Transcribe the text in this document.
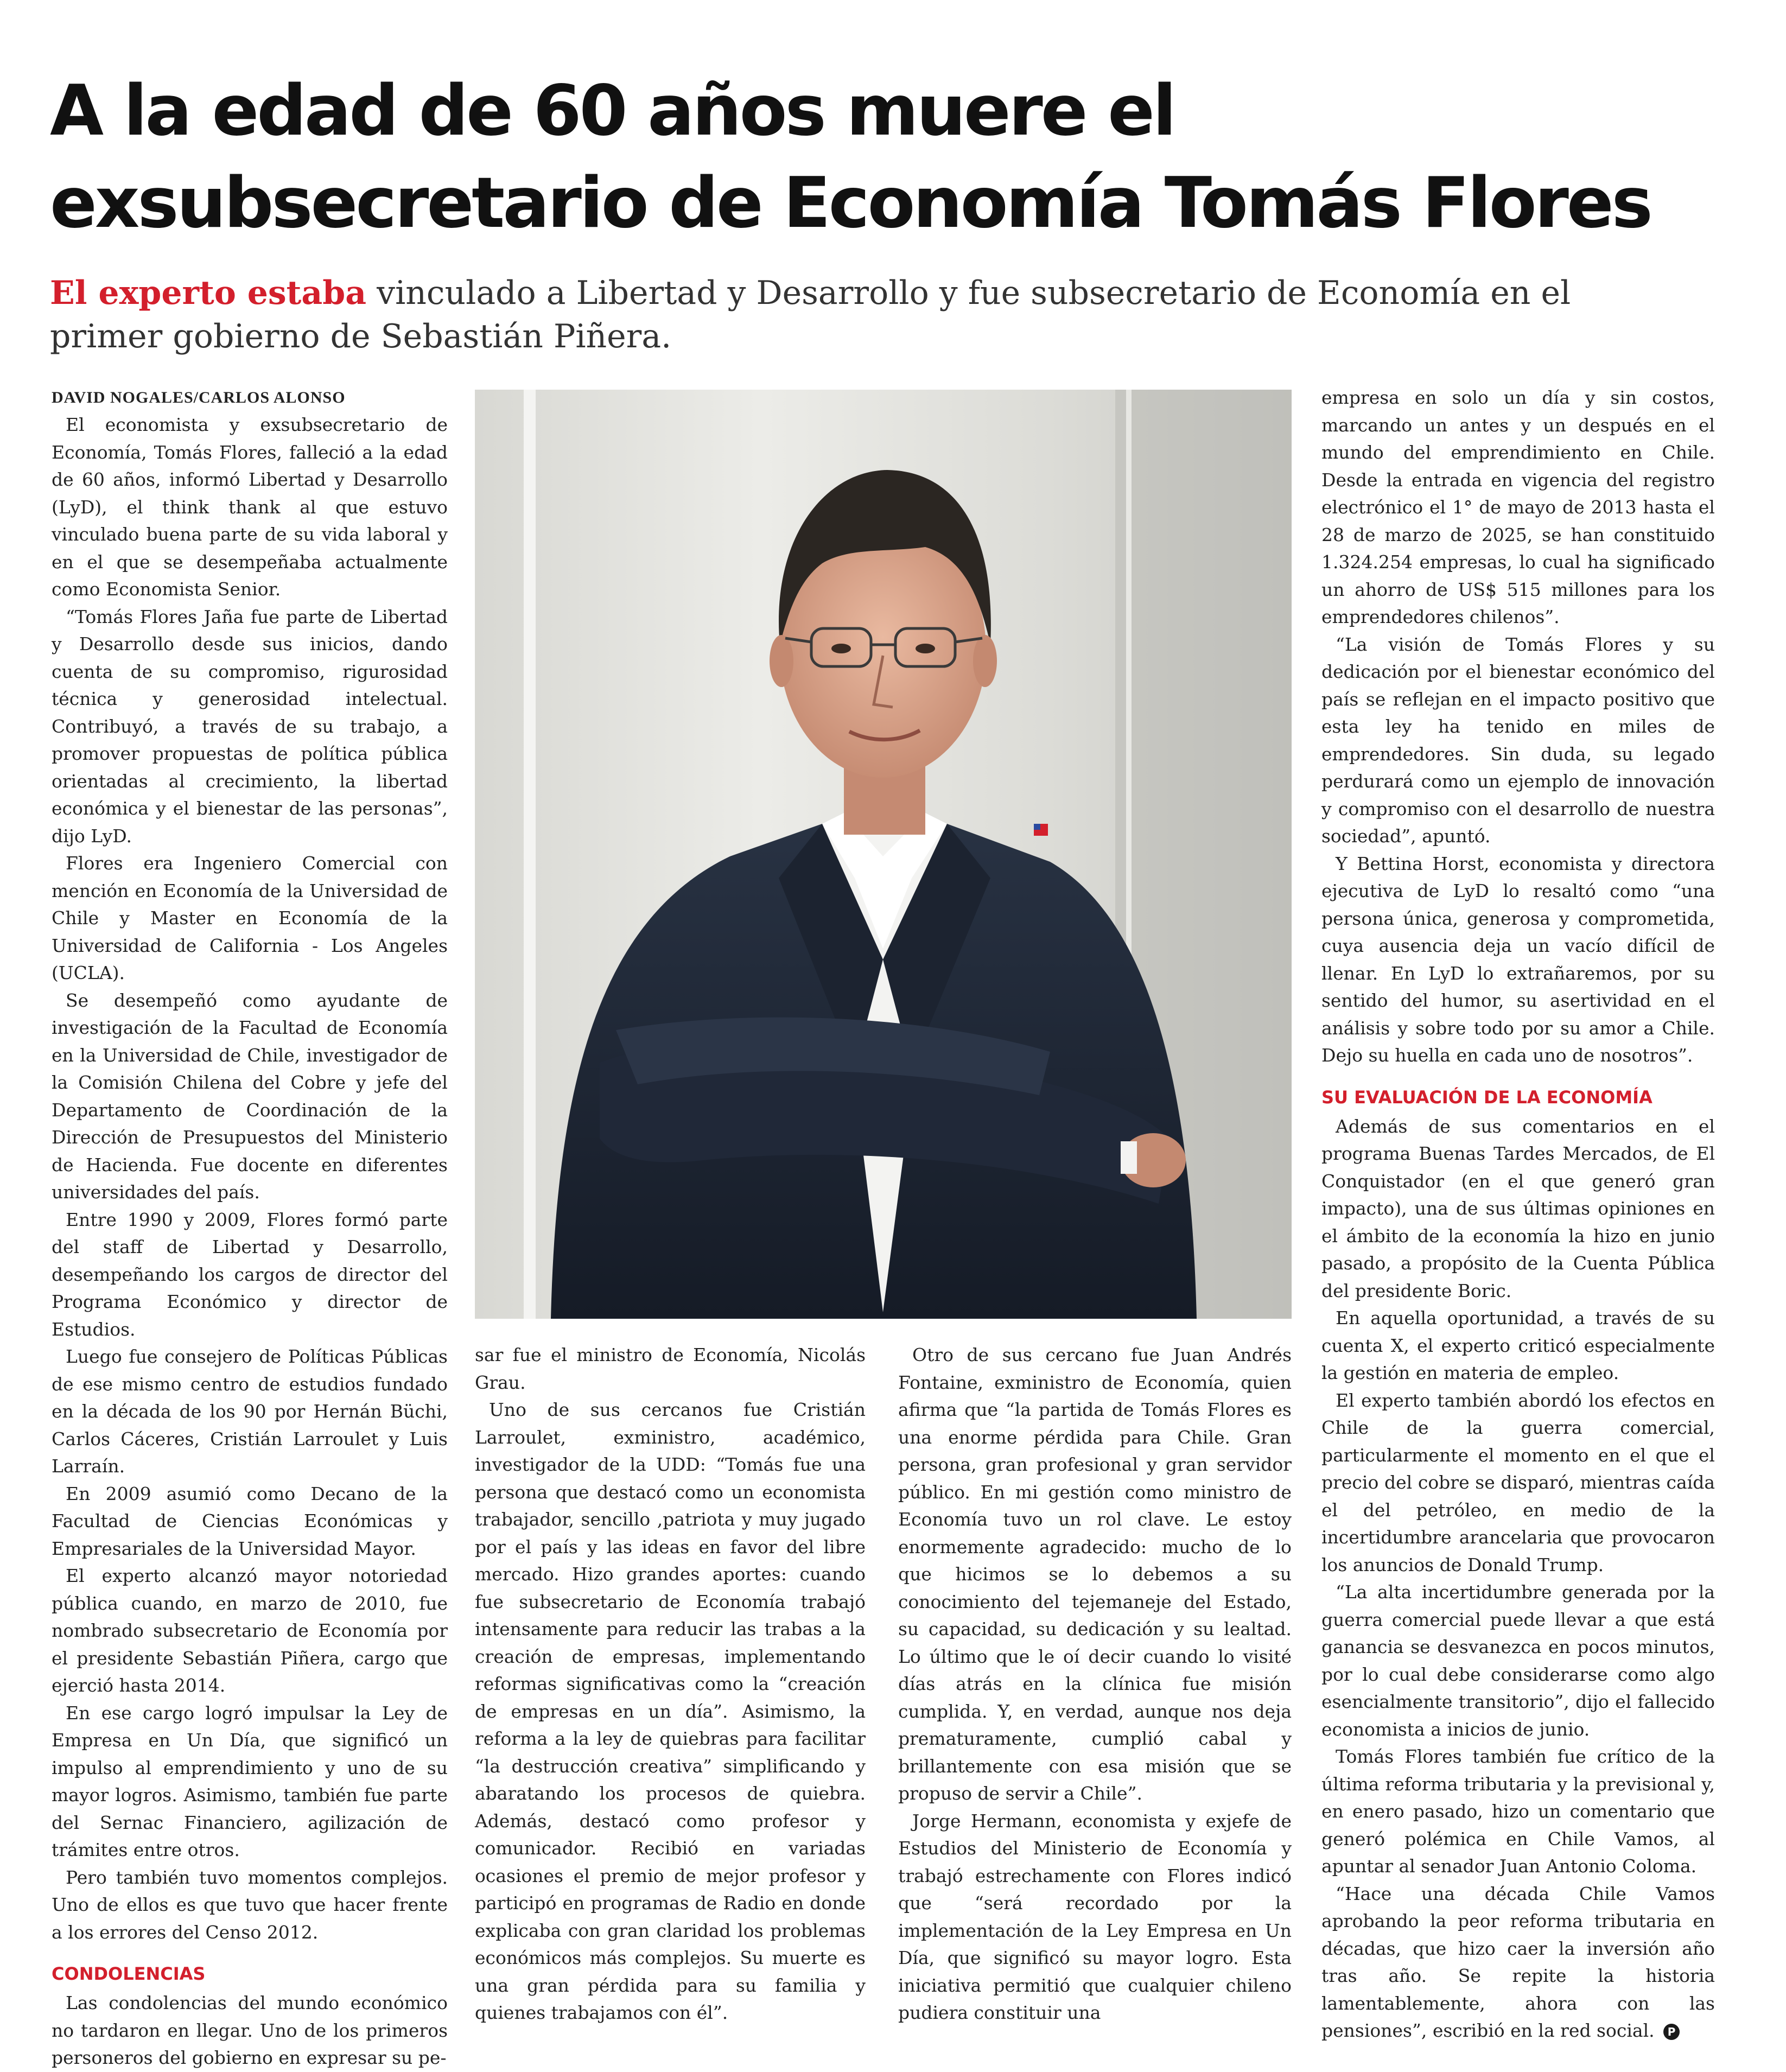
A la edad de 60 años muere el
exsubsecretario de Economía Tomás Flores

El experto estaba vinculado a Libertad y Desarrollo y fue subsecretario de Economía en el primer gobierno de Sebastián Piñera.

DAVID NOGALES/CARLOS ALONSO

El economista y exsubsecretario de Economía, Tomás Flores, falleció a la edad de 60 años, informó Libertad y Desarrollo (LyD), el think thank al que estuvo vinculado buena parte de su vida laboral y en el que se desempeñaba actualmente como Economista Senior.

“Tomás Flores Jaña fue parte de Libertad y Desarrollo desde sus inicios, dando cuenta de su compromiso, rigurosidad técnica y generosidad intelectual. Contribuyó, a través de su trabajo, a promover propuestas de política pública orientadas al crecimiento, la libertad económica y el bienestar de las personas”, dijo LyD.

Flores era Ingeniero Comercial con mención en Economía de la Universidad de Chile y Master en Economía de la Universidad de California - Los Angeles (UCLA).

Se desempeñó como ayudante de investigación de la Facultad de Economía en la Universidad de Chile, investigador de la Comisión Chilena del Cobre y jefe del Departamento de Coordinación de la Dirección de Presupuestos del Ministerio de Hacienda. Fue docente en diferentes universidades del país.

Entre 1990 y 2009, Flores formó parte del staff de Libertad y Desarrollo, desempeñando los cargos de director del Programa Económico y director de Estudios.

Luego fue consejero de Políticas Públicas de ese mismo centro de estudios fundado en la década de los 90 por Hernán Büchi, Carlos Cáceres, Cristián Larroulet y Luis Larraín.

En 2009 asumió como Decano de la Facultad de Ciencias Económicas y Empresariales de la Universidad Mayor.

El experto alcanzó mayor notoriedad pública cuando, en marzo de 2010, fue nombrado subsecretario de Economía por el presidente Sebastián Piñera, cargo que ejerció hasta 2014.

En ese cargo logró impulsar la Ley de Empresa en Un Día, que significó un impulso al emprendimiento y uno de su mayor logros. Asimismo, también fue parte del Sernac Financiero, agilización de trámites entre otros.

Pero también tuvo momentos complejos. Uno de ellos es que tuvo que hacer frente a los errores del Censo 2012.

CONDOLENCIAS

Las condolencias del mundo económico no tardaron en llegar. Uno de los primeros personeros del gobierno en expresar su pe-

sar fue el ministro de Economía, Nicolás Grau.

Uno de sus cercanos fue Cristián Larroulet, exministro, académico, investigador de la UDD: “Tomás fue una persona que destacó como un economista trabajador, sencillo ,patriota y muy jugado por el país y las ideas en favor del libre mercado. Hizo grandes aportes: cuando fue subsecretario de Economía trabajó intensamente para reducir las trabas a la creación de empresas, implementando reformas significativas como la “creación de empresas en un día”. Asimismo, la reforma a la ley de quiebras para facilitar “la destrucción creativa” simplificando y abaratando los procesos de quiebra. Además, destacó como profesor y comunicador. Recibió en variadas ocasiones el premio de mejor profesor y participó en programas de Radio en donde explicaba con gran claridad los problemas económicos más complejos. Su muerte es una gran pérdida para su familia y quienes trabajamos con él”.

Otro de sus cercano fue Juan Andrés Fontaine, exministro de Economía, quien afirma que “la partida de Tomás Flores es una enorme pérdida para Chile. Gran persona, gran profesional y gran servidor público. En mi gestión como ministro de Economía tuvo un rol clave. Le estoy enormemente agradecido: mucho de lo que hicimos se lo debemos a su conocimiento del tejemaneje del Estado, su capacidad, su dedicación y su lealtad. Lo último que le oí decir cuando lo visité días atrás en la clínica fue misión cumplida. Y, en verdad, aunque nos deja prematuramente, cumplió cabal y brillantemente con esa misión que se propuso de servir a Chile”.

Jorge Hermann, economista y exjefe de Estudios del Ministerio de Economía y trabajó estrechamente con Flores indicó que “será recordado por la implementación de la Ley Empresa en Un Día, que significó su mayor logro. Esta iniciativa permitió que cualquier chileno pudiera constituir una

empresa en solo un día y sin costos, marcando un antes y un después en el mundo del emprendimiento en Chile. Desde la entrada en vigencia del registro electrónico el 1° de mayo de 2013 hasta el 28 de marzo de 2025, se han constituido 1.324.254 empresas, lo cual ha significado un ahorro de US$ 515 millones para los emprendedores chilenos”.

“La visión de Tomás Flores y su dedicación por el bienestar económico del país se reflejan en el impacto positivo que esta ley ha tenido en miles de emprendedores. Sin duda, su legado perdurará como un ejemplo de innovación y compromiso con el desarrollo de nuestra sociedad”, apuntó.

Y Bettina Horst, economista y directora ejecutiva de LyD lo resaltó como “una persona única, generosa y comprometida, cuya ausencia deja un vacío difícil de llenar. En LyD lo extrañaremos, por su sentido del humor, su asertividad en el análisis y sobre todo por su amor a Chile. Dejo su huella en cada uno de nosotros”.

SU EVALUACIÓN DE LA ECONOMÍA

Además de sus comentarios en el programa Buenas Tardes Mercados, de El Conquistador (en el que generó gran impacto), una de sus últimas opiniones en el ámbito de la economía la hizo en junio pasado, a propósito de la Cuenta Pública del presidente Boric.

En aquella oportunidad, a través de su cuenta X, el experto criticó especialmente la gestión en materia de empleo.

El experto también abordó los efectos en Chile de la guerra comercial, particularmente el momento en el que el precio del cobre se disparó, mientras caída el del petróleo, en medio de la incertidumbre arancelaria que provocaron los anuncios de Donald Trump.

“La alta incertidumbre generada por la guerra comercial puede llevar a que está ganancia se desvanezca en pocos minutos, por lo cual debe considerarse como algo esencialmente transitorio”, dijo el fallecido economista a inicios de junio.

Tomás Flores también fue crítico de la última reforma tributaria y la previsional y, en enero pasado, hizo un comentario que generó polémica en Chile Vamos, al apuntar al senador Juan Antonio Coloma.

“Hace una década Chile Vamos aprobando la peor reforma tributaria en décadas, que hizo caer la inversión año tras año. Se repite la historia lamentablemente, ahora con las pensiones”, escribió en la red social. P
